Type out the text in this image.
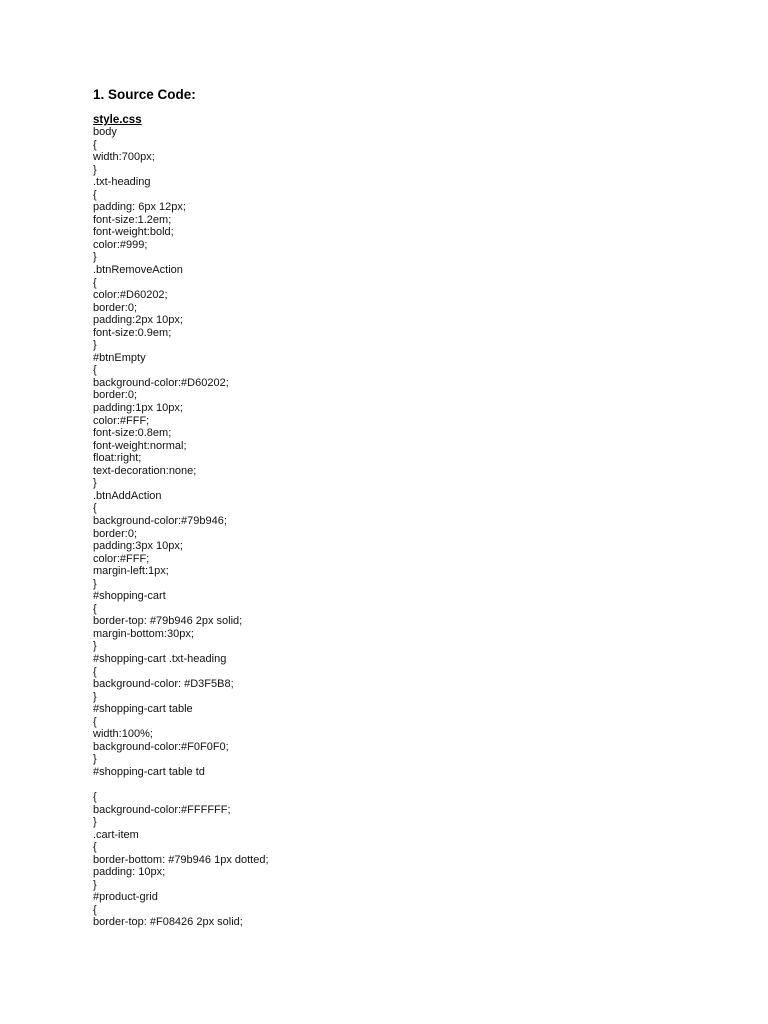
1. Source Code:
style.css
body
{
width:700px;
}
.txt-heading
{
padding: 6px 12px;
font-size:1.2em;
font-weight:bold;
color:#999;
}
.btnRemoveAction
{
color:#D60202;
border:0;
padding:2px 10px;
font-size:0.9em;
}
#btnEmpty
{
background-color:#D60202;
border:0;
padding:1px 10px;
color:#FFF;
font-size:0.8em;
font-weight:normal;
float:right;
text-decoration:none;
}
.btnAddAction
{
background-color:#79b946;
border:0;
padding:3px 10px;
color:#FFF;
margin-left:1px;
}
#shopping-cart
{
border-top: #79b946 2px solid;
margin-bottom:30px;
}
#shopping-cart .txt-heading
{
background-color: #D3F5B8;
}
#shopping-cart table
{
width:100%;
background-color:#F0F0F0;
}
#shopping-cart table td
{
background-color:#FFFFFF;
}
.cart-item
{
border-bottom: #79b946 1px dotted;
padding: 10px;
}
#product-grid
{
border-top: #F08426 2px solid;
